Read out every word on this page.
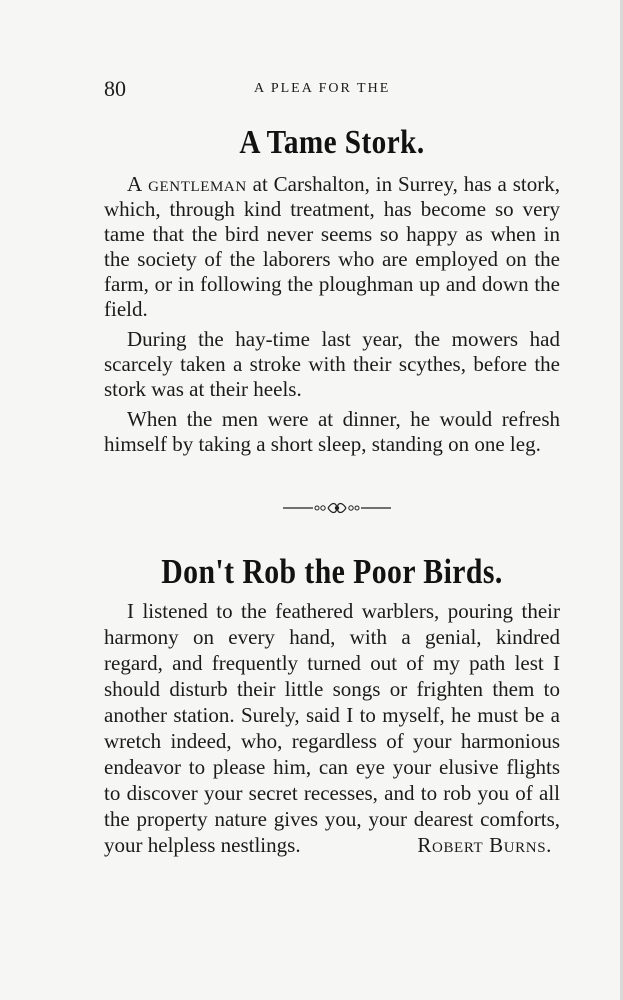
80	A PLEA FOR THE
A Tame Stork.

A gentleman at Carshalton, in Surrey, has a stork, which, through kind treatment, has become so very tame that the bird never seems so happy as when in the society of the laborers who are employed on the farm, or in following the ploughman up and down the field.

During the hay-time last year, the mowers had scarcely taken a stroke with their scythes, before the stork was at their heels.

When the men were at dinner, he would refresh himself by taking a short sleep, standing on one leg.

Don't Rob the Poor Birds.

I listened to the feathered warblers, pouring their harmony on every hand, with a genial, kindred regard, and frequently turned out of my path lest I should disturb their little songs or frighten them to another station. Surely, said I to myself, he must be a wretch indeed, who, regardless of your harmonious endeavor to please him, can eye your elusive flights to discover your secret recesses, and to rob you of all the property nature gives you, your dearest comforts, your helpless nestlings.	Robert Burns.
